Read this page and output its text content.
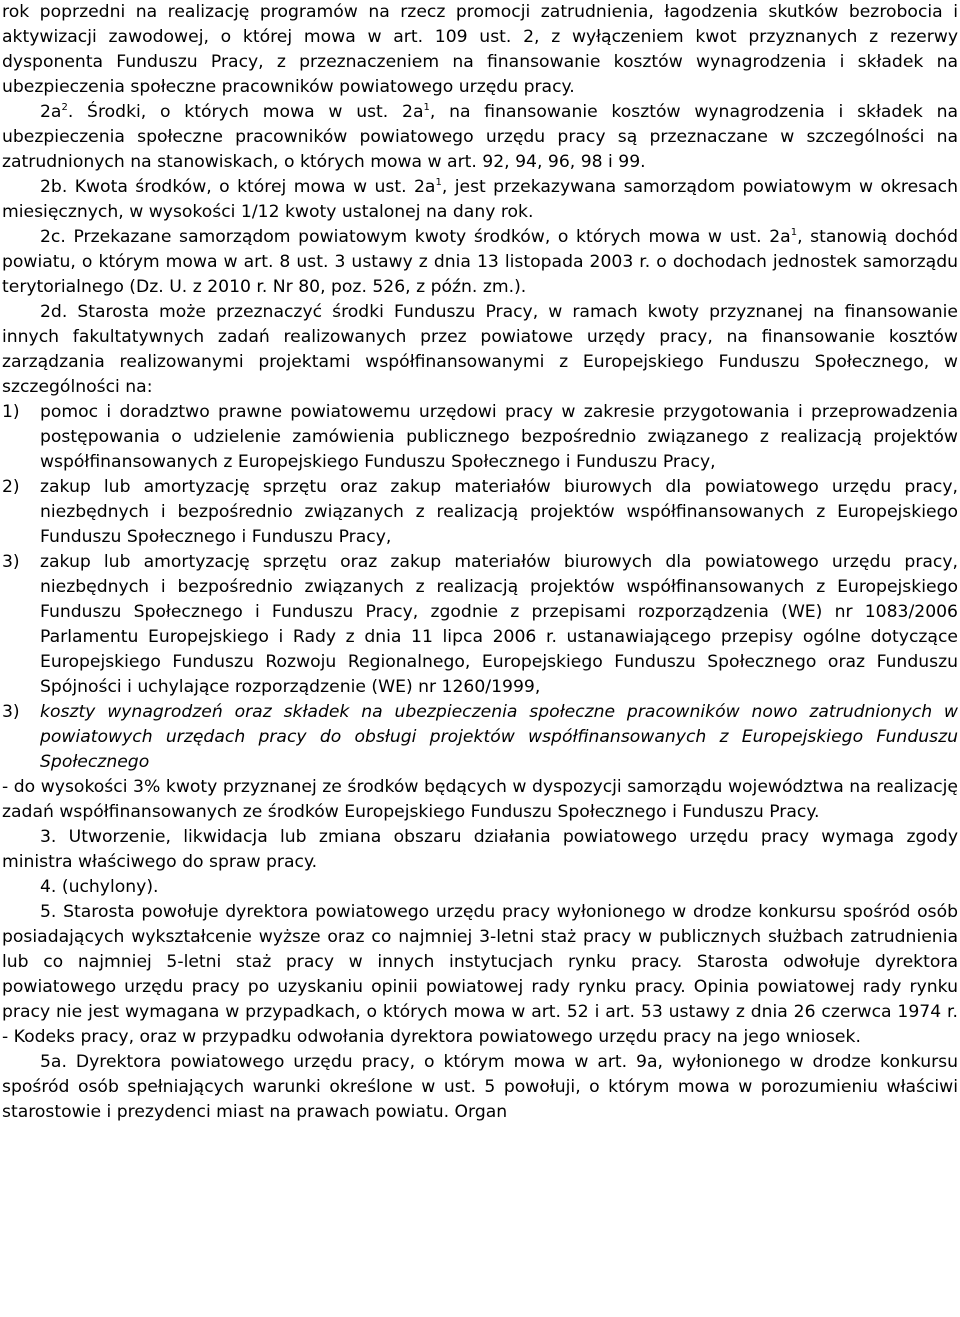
rok poprzedni na realizację programów na rzecz promocji zatrudnienia, łagodzenia skutków bezrobocia i aktywizacji zawodowej, o której mowa w art. 109 ust. 2, z wyłączeniem kwot przyznanych z rezerwy dysponenta Funduszu Pracy, z przeznaczeniem na finansowanie kosztów wynagrodzenia i składek na ubezpieczenia społeczne pracowników powiatowego urzędu pracy.

$2a^2$. Środki, o których mowa w ust. $2a^1$, na finansowanie kosztów wynagrodzenia i składek na ubezpieczenia społeczne pracowników powiatowego urzędu pracy są przeznaczane w szczególności na zatrudnionych na stanowiskach, o których mowa w art. 92, 94, 96, 98 i 99.

2b. Kwota środków, o której mowa w ust. $2a^1$, jest przekazywana samorządom powiatowym w okresach miesięcznych, w wysokości 1/12 kwoty ustalonej na dany rok.

2c. Przekazane samorządom powiatowym kwoty środków, o których mowa w ust. $2a^1$, stanowią dochód powiatu, o którym mowa w art. 8 ust. 3 ustawy z dnia 13 listopada 2003 r. o dochodach jednostek samorządu terytorialnego (Dz. U. z 2010 r. Nr 80, poz. 526, z późn. zm.).

2d. Starosta może przeznaczyć środki Funduszu Pracy, w ramach kwoty przyznanej na finansowanie innych fakultatywnych zadań realizowanych przez powiatowe urzędy pracy, na finansowanie kosztów zarządzania realizowanymi projektami współfinansowanymi z Europejskiego Funduszu Społecznego, w szczególności na:

1)	pomoc i doradztwo prawne powiatowemu urzędowi pracy w zakresie przygotowania i przeprowadzenia postępowania o udzielenie zamówienia publicznego bezpośrednio związanego z realizacją projektów współfinansowanych z Europejskiego Funduszu Społecznego i Funduszu Pracy,
2)	zakup lub amortyzację sprzętu oraz zakup materiałów biurowych dla powiatowego urzędu pracy, niezbędnych i bezpośrednio związanych z realizacją projektów współfinansowanych z Europejskiego Funduszu Społecznego i Funduszu Pracy,
3)	zakup lub amortyzację sprzętu oraz zakup materiałów biurowych dla powiatowego urzędu pracy, niezbędnych i bezpośrednio związanych z realizacją projektów współfinansowanych z Europejskiego Funduszu Społecznego i Funduszu Pracy, zgodnie z przepisami rozporządzenia (WE) nr 1083/2006 Parlamentu Europejskiego i Rady z dnia 11 lipca 2006 r. ustanawiającego przepisy ogólne dotyczące Europejskiego Funduszu Rozwoju Regionalnego, Europejskiego Funduszu Społecznego oraz Funduszu Spójności i uchylające rozporządzenie (WE) nr 1260/1999,
3)	koszty wynagrodzeń oraz składek na ubezpieczenia społeczne pracowników nowo zatrudnionych w powiatowych urzędach pracy do obsługi projektów współfinansowanych z Europejskiego Funduszu Społecznego

- do wysokości 3% kwoty przyznanej ze środków będących w dyspozycji samorządu województwa na realizację zadań współfinansowanych ze środków Europejskiego Funduszu Społecznego i Funduszu Pracy.

3. Utworzenie, likwidacja lub zmiana obszaru działania powiatowego urzędu pracy wymaga zgody ministra właściwego do spraw pracy.

4. (uchylony).

5. Starosta powołuje dyrektora powiatowego urzędu pracy wyłonionego w drodze konkursu spośród osób posiadających wykształcenie wyższe oraz co najmniej 3-letni staż pracy w publicznych służbach zatrudnienia lub co najmniej 5-letni staż pracy w innych instytucjach rynku pracy. Starosta odwołuje dyrektora powiatowego urzędu pracy po uzyskaniu opinii powiatowej rady rynku pracy. Opinia powiatowej rady rynku pracy nie jest wymagana w przypadkach, o których mowa w art. 52 i art. 53 ustawy z dnia 26 czerwca 1974 r. - Kodeks pracy, oraz w przypadku odwołania dyrektora powiatowego urzędu pracy na jego wniosek.

5a. Dyrektora powiatowego urzędu pracy, o którym mowa w art. 9a, wyłonionego w drodze konkursu spośród osób spełniających warunki określone w ust. 5 powołuji, o którym mowa w porozumieniu właściwi starostowie i prezydenci miast na prawach powiatu. Organ
